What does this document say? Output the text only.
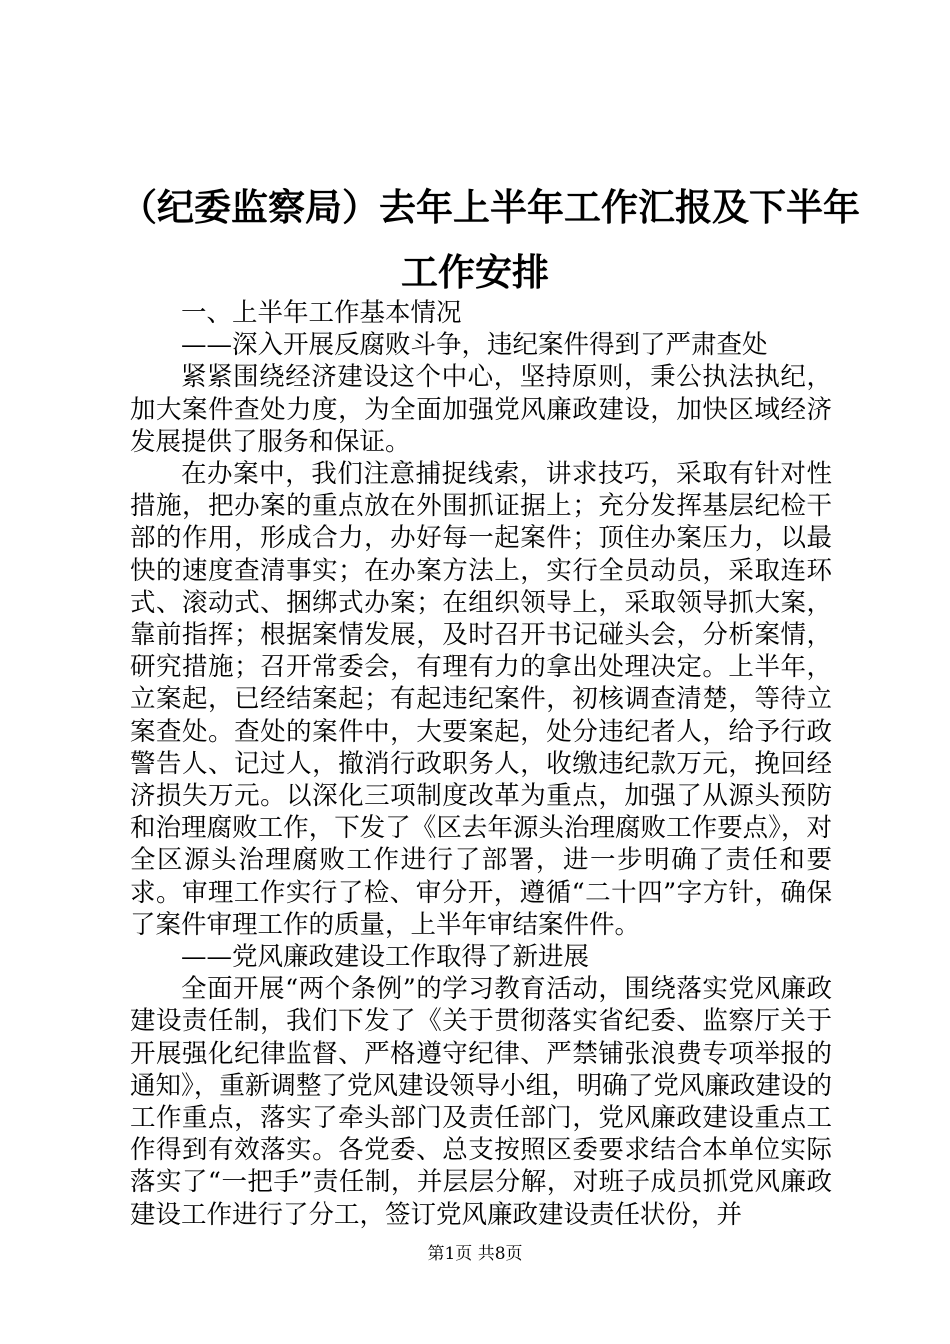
（纪委监察局）去年上半年工作汇报及下半年
工作安排

一、上半年工作基本情况

——深入开展反腐败斗争，违纪案件得到了严肃查处

紧紧围绕经济建设这个中心，坚持原则，秉公执法执纪，加大案件查处力度，为全面加强党风廉政建设，加快区域经济发展提供了服务和保证。

在办案中，我们注意捕捉线索，讲求技巧，采取有针对性措施，把办案的重点放在外围抓证据上；充分发挥基层纪检干部的作用，形成合力，办好每一起案件；顶住办案压力，以最快的速度查清事实；在办案方法上，实行全员动员，采取连环式、滚动式、捆绑式办案；在组织领导上，采取领导抓大案，靠前指挥；根据案情发展，及时召开书记碰头会，分析案情，研究措施；召开常委会，有理有力的拿出处理决定。上半年，立案起，已经结案起；有起违纪案件，初核调查清楚，等待立案查处。查处的案件中，大要案起，处分违纪者人，给予行政警告人、记过人，撤消行政职务人，收缴违纪款万元，挽回经济损失万元。以深化三项制度改革为重点，加强了从源头预防和治理腐败工作，下发了《区去年源头治理腐败工作要点》，对全区源头治理腐败工作进行了部署，进一步明确了责任和要求。审理工作实行了检、审分开，遵循“二十四”字方针，确保了案件审理工作的质量，上半年审结案件件。

——党风廉政建设工作取得了新进展

全面开展“两个条例”的学习教育活动，围绕落实党风廉政建设责任制，我们下发了《关于贯彻落实省纪委、监察厅关于开展强化纪律监督、严格遵守纪律、严禁铺张浪费专项举报的通知》，重新调整了党风建设领导小组，明确了党风廉政建设的工作重点，落实了牵头部门及责任部门，党风廉政建设重点工作得到有效落实。各党委、总支按照区委要求结合本单位实际落实了“一把手”责任制，并层层分解，对班子成员抓党风廉政建设工作进行了分工，签订党风廉政建设责任状份，并

第1页 共8页
